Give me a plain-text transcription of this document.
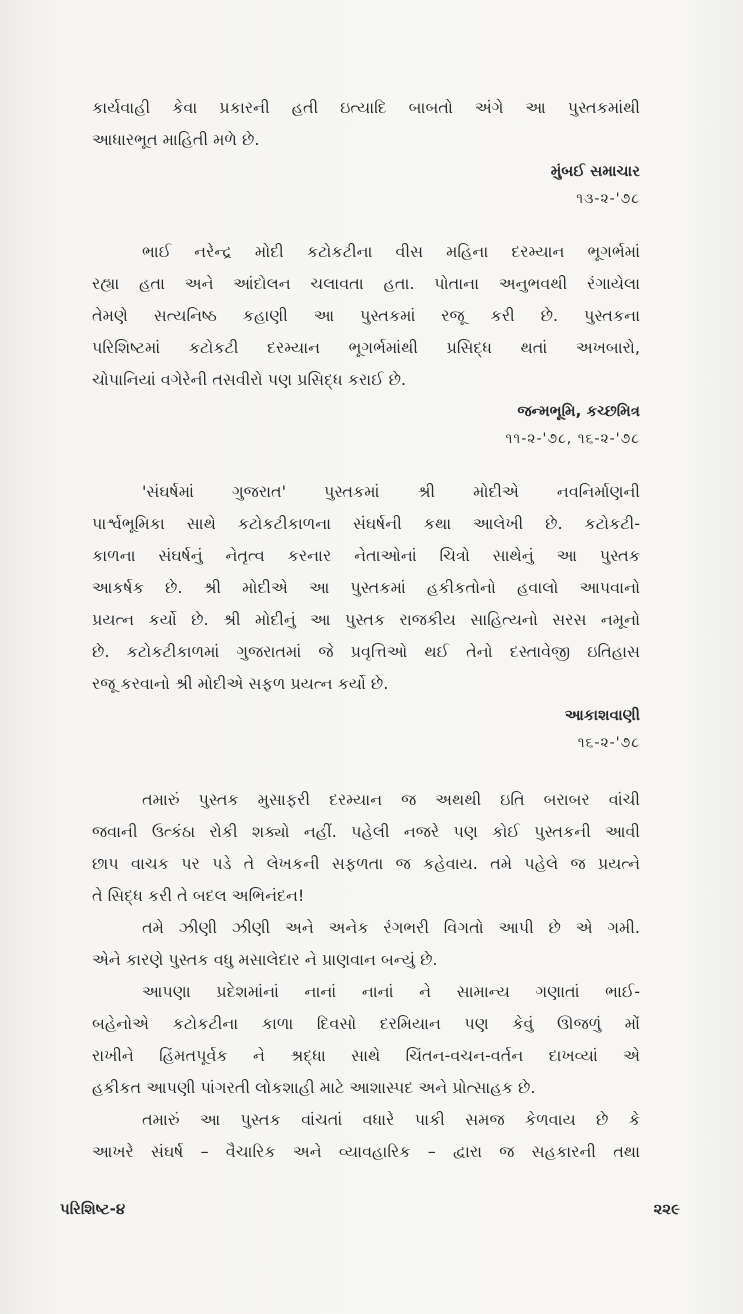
કાર્યવાહી કેવા પ્રકારની હતી ઇત્યાદિ બાબતો અંગે આ પુસ્તકમાંથી
આધારભૂત માહિતી મળે છે.

મુંબઈ સમાચાર

૧૩-૨-'૭૮

ભાઈ નરેન્દ્ર મોદી કટોકટીના વીસ મહિના દરમ્યાન ભૂગર્ભમાં
રહ્યા હતા અને આંદોલન ચલાવતા હતા. પોતાના અનુભવથી રંગાયેલા
તેમણે સત્યનિષ્ઠ કહાણી આ પુસ્તકમાં રજૂ કરી છે. પુસ્તકના
પરિશિષ્ટમાં કટોકટી દરમ્યાન ભૂગર્ભમાંથી પ્રસિદ્ધ થતાં અખબારો,
ચોપાનિયાં વગેરેની તસવીરો પણ પ્રસિદ્ધ કરાઈ છે.

જન્મભૂમિ, કચ્છમિત્ર

૧૧-૨-'૭૮, ૧૬-૨-'૭૮

'સંઘર્ષમાં ગુજરાત' પુસ્તકમાં શ્રી મોદીએ નવનિર્માણની
પાર્શ્વભૂમિકા સાથે કટોકટીકાળના સંઘર્ષની કથા આલેખી છે. કટોકટી-
કાળના સંઘર્ષનું નેતૃત્વ કરનાર નેતાઓનાં ચિત્રો સાથેનું આ પુસ્તક
આકર્ષક છે. શ્રી મોદીએ આ પુસ્તકમાં હકીકતોનો હવાલો આપવાનો
પ્રયત્ન કર્યો છે. શ્રી મોદીનું આ પુસ્તક રાજકીય સાહિત્યનો સરસ નમૂનો
છે. કટોકટીકાળમાં ગુજરાતમાં જે પ્રવૃત્તિઓ થઈ તેનો દસ્તાવેજી ઇતિહાસ
રજૂ કરવાનો શ્રી મોદીએ સફળ પ્રયત્ન કર્યો છે.

આકાશવાણી

૧૬-૨-'૭૮

તમારું પુસ્તક મુસાફરી દરમ્યાન જ અથથી ઇતિ બરાબર વાંચી
જવાની ઉત્કંઠા રોકી શક્યો નહીં. પહેલી નજરે પણ કોઈ પુસ્તકની આવી
છાપ વાચક પર પડે તે લેખકની સફળતા જ કહેવાય. તમે પહેલે જ પ્રયત્ને
તે સિદ્ધ કરી તે બદલ અભિનંદન!

તમે ઝીણી ઝીણી અને અનેક રંગભરી વિગતો આપી છે એ ગમી.
એને કારણે પુસ્તક વધુ મસાલેદાર ને પ્રાણવાન બન્યું છે.

આપણા પ્રદેશમાંનાં નાનાં નાનાં ને સામાન્ય ગણાતાં ભાઈ-
બહેનોએ કટોકટીના કાળા દિવસો દરમિયાન પણ કેવું ઊજળું મોં
રાખીને હિંમતપૂર્વક ને શ્રદ્ધા સાથે ચિંતન-વચન-વર્તન દાખવ્યાં એ
હકીકત આપણી પાંગરતી લોકશાહી માટે આશાસ્પદ અને પ્રોત્સાહક છે.

તમારું આ પુસ્તક વાંચતાં વધારે પાકી સમજ કેળવાય છે કે
આખરે સંઘર્ષ – વૈચારિક અને વ્યાવહારિક – દ્વારા જ સહકારની તથા

પરિશિષ્ટ-૪	૨૨૯
